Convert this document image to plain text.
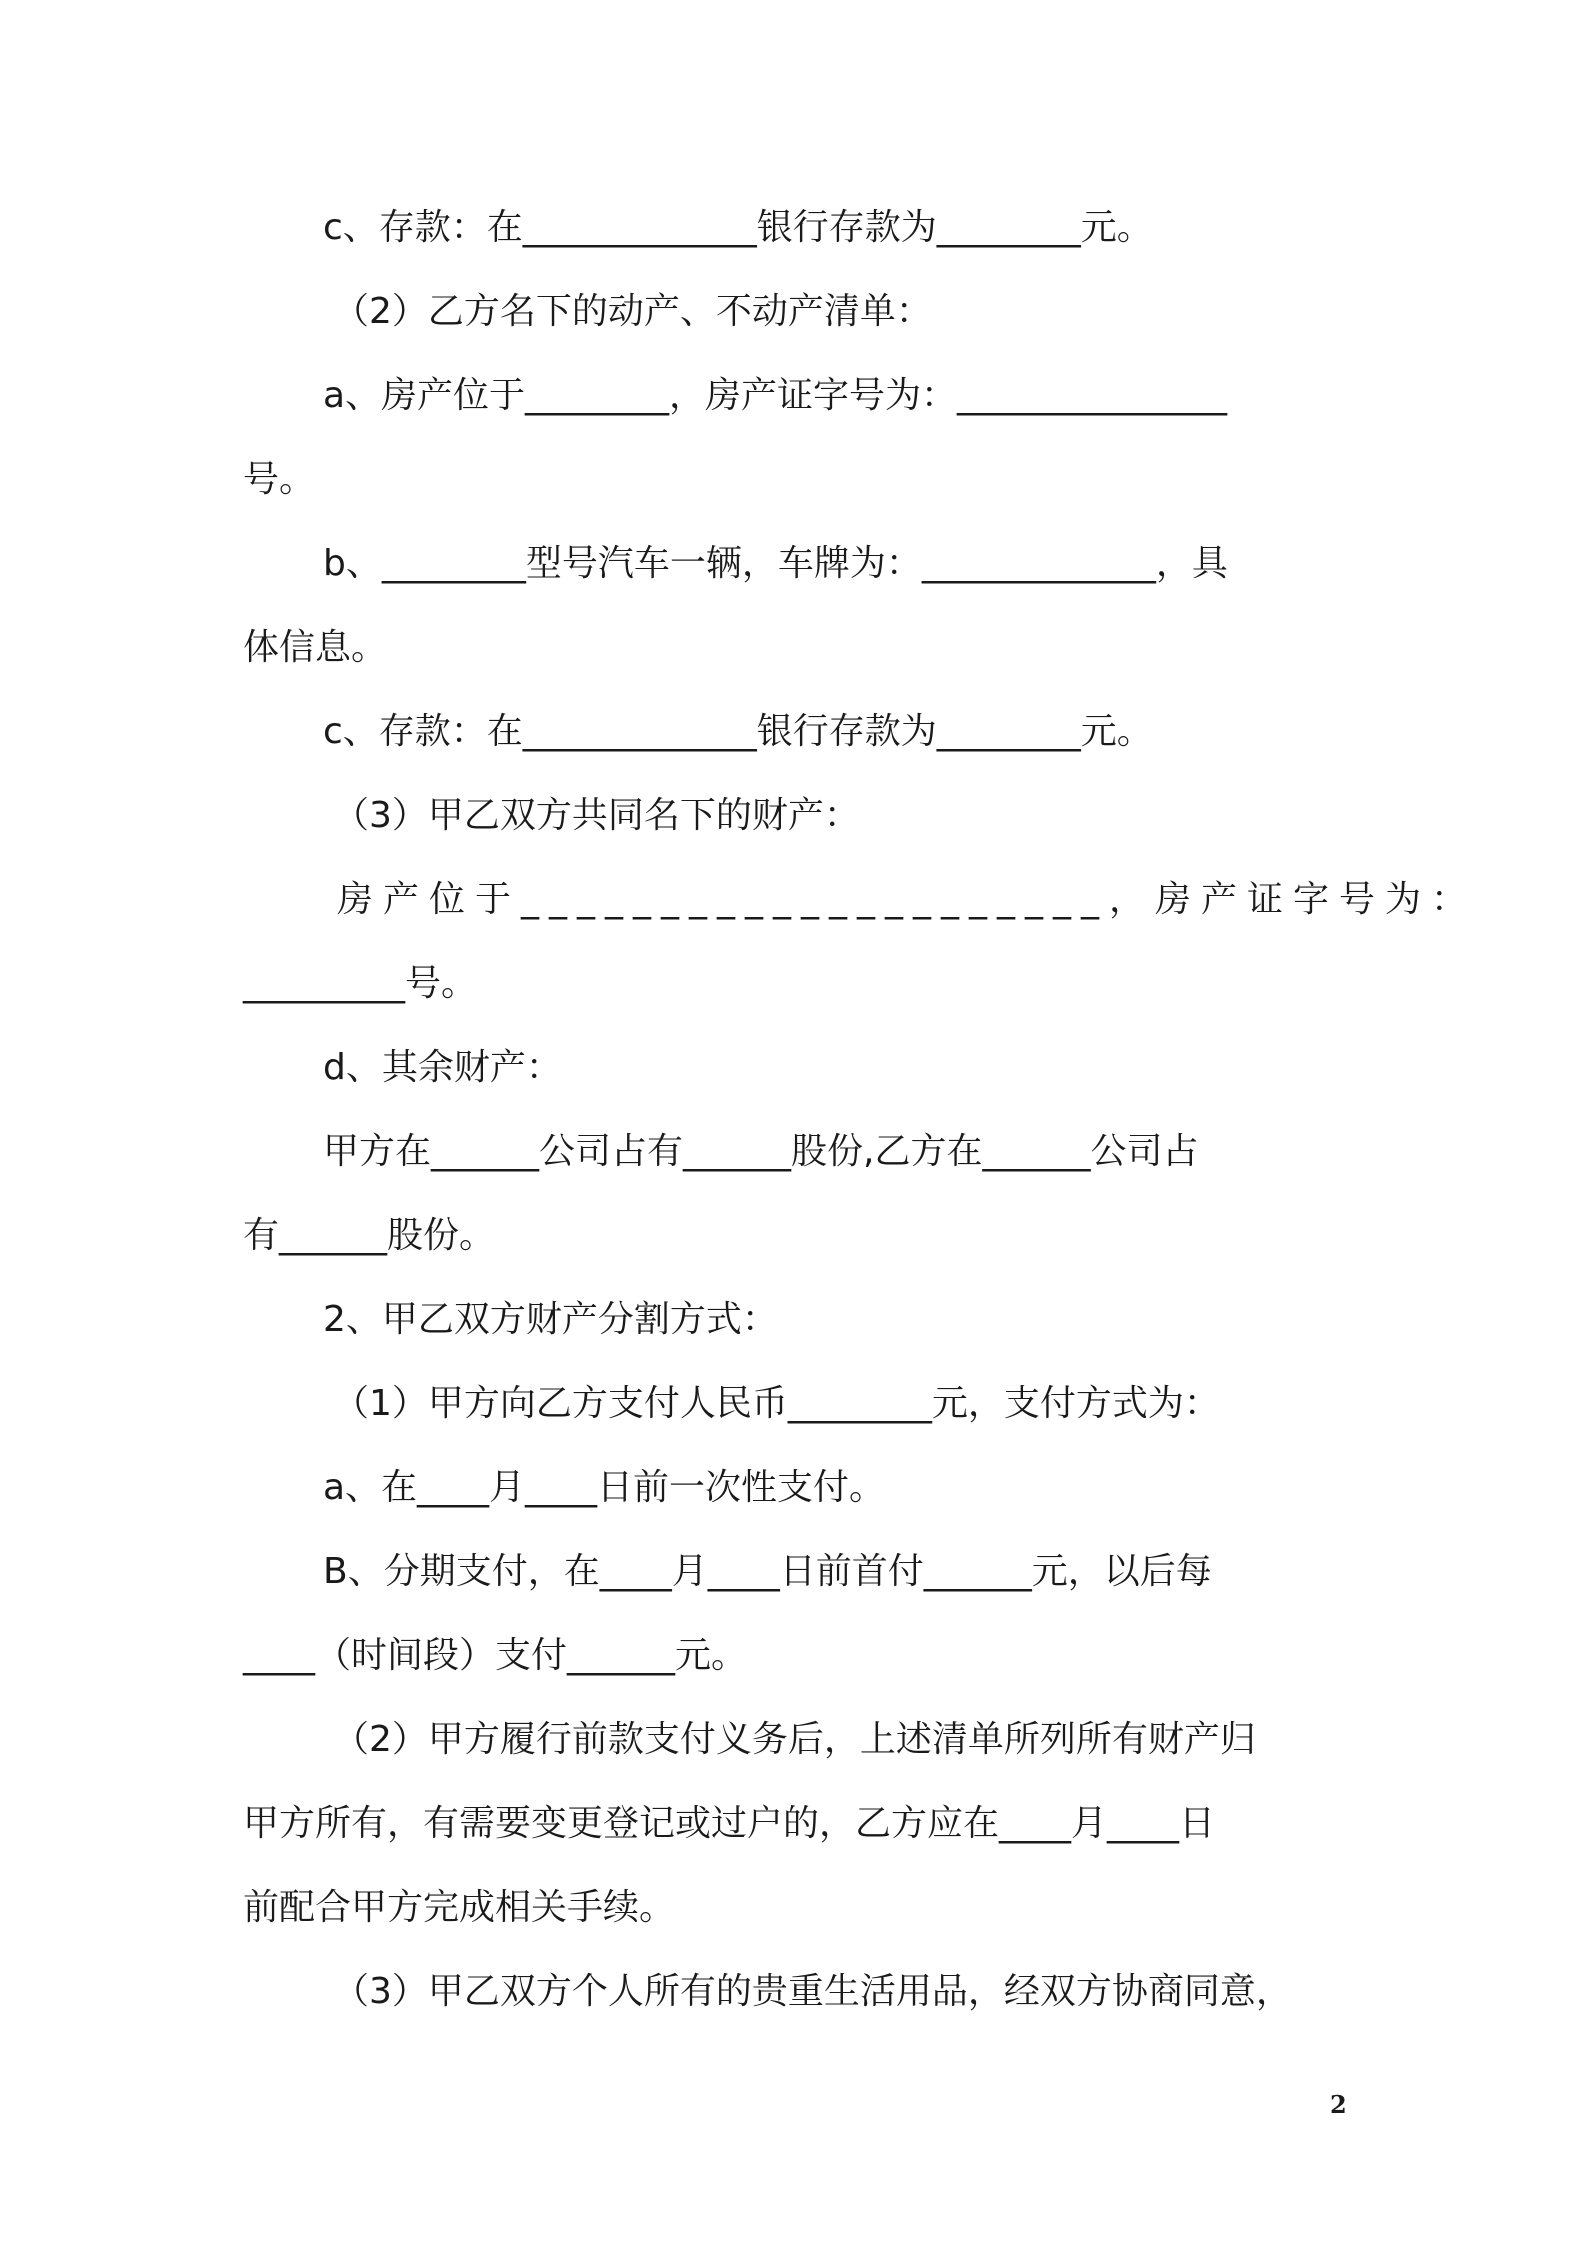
c、存款：在_____________银行存款为________元。
（2）乙方名下的动产、不动产清单：
a、房产位于________，房产证字号为：_______________
号。
b、________型号汽车一辆，车牌为：_____________，具
体信息。
c、存款：在_____________银行存款为________元。
（3）甲乙双方共同名下的财产：
房产位于_____________________，房产证字号为：
_________号。
d、其余财产：
甲方在______公司占有______股份,乙方在______公司占
有______股份。
2、甲乙双方财产分割方式：
（1）甲方向乙方支付人民币________元，支付方式为：
a、在____月____日前一次性支付。
B、分期支付，在____月____日前首付______元，以后每
____（时间段）支付______元。
（2）甲方履行前款支付义务后，上述清单所列所有财产归
甲方所有，有需要变更登记或过户的，乙方应在____月____日
前配合甲方完成相关手续。
（3）甲乙双方个人所有的贵重生活用品，经双方协商同意，
2
